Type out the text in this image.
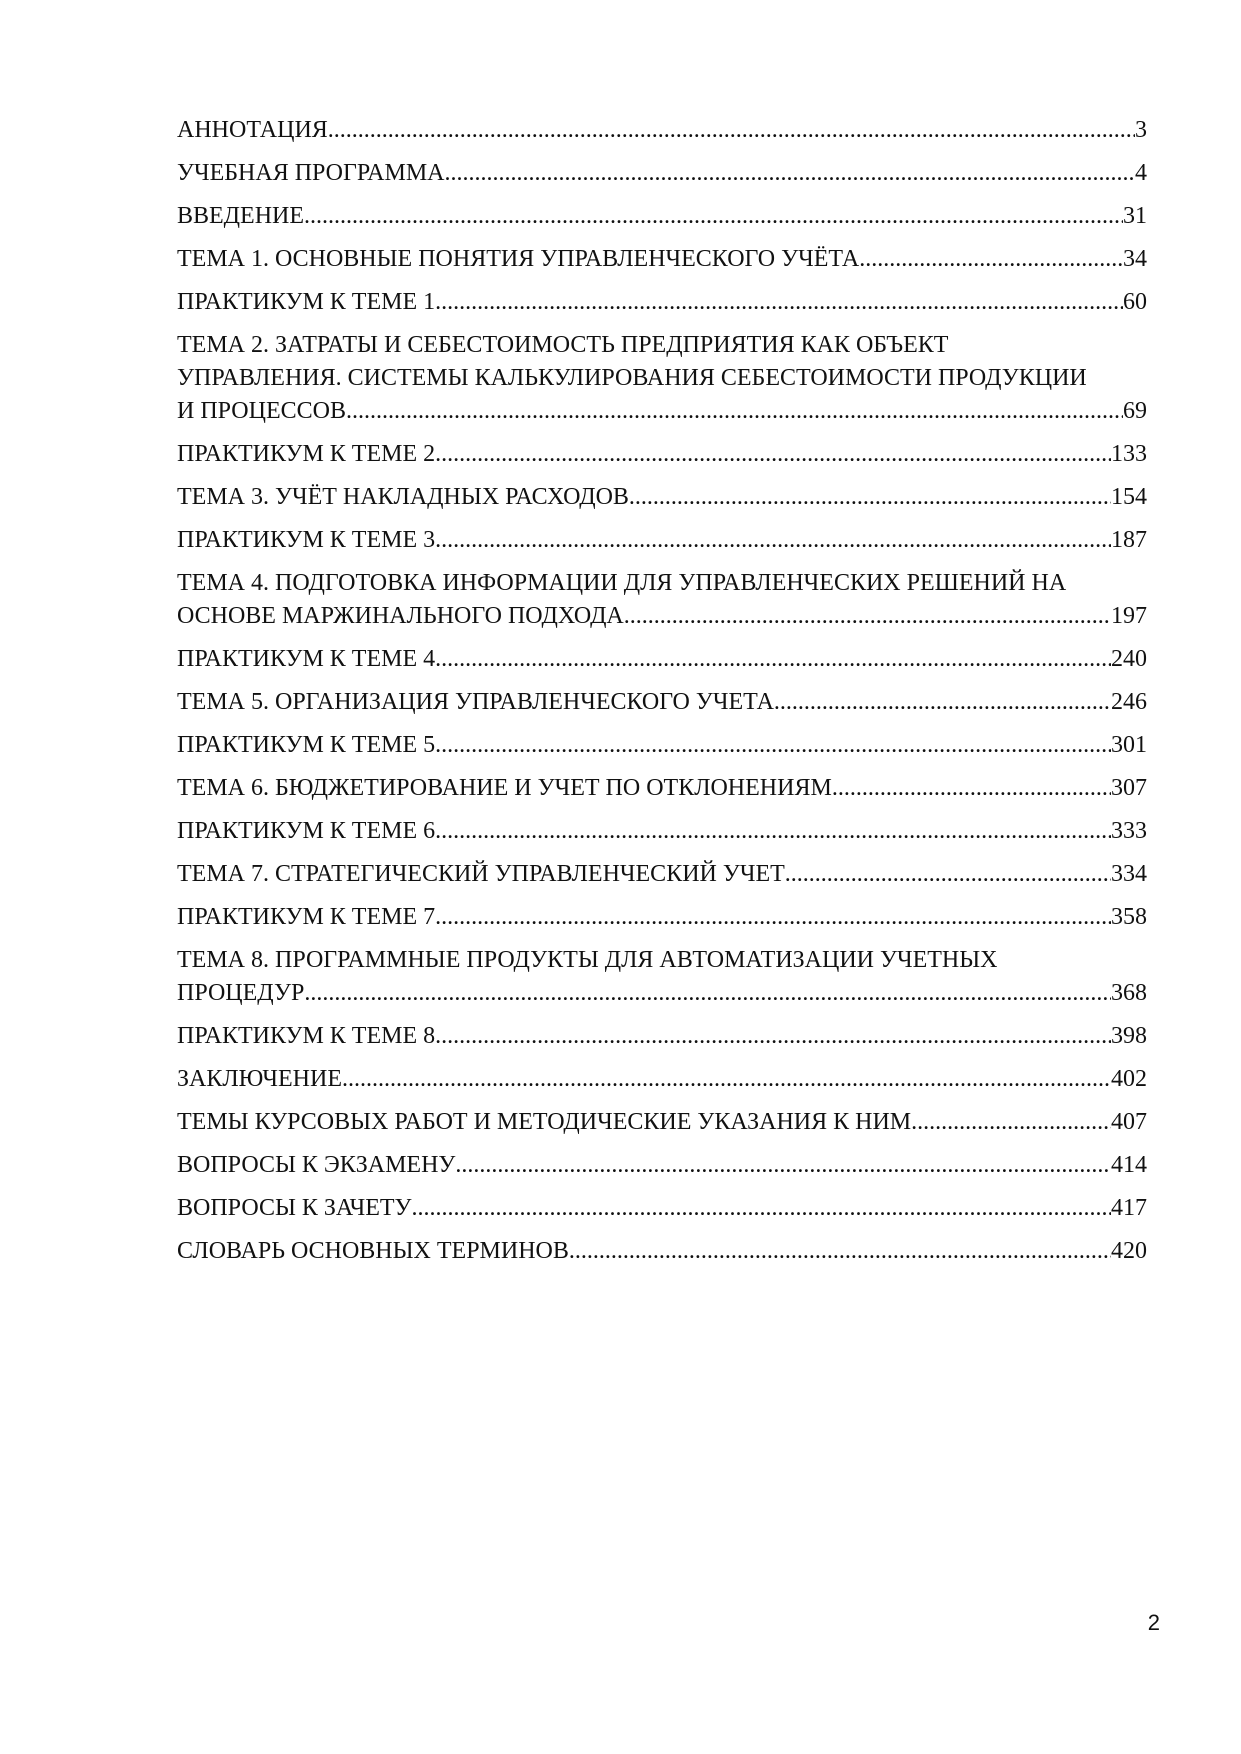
АННОТАЦИЯ .....	3
УЧЕБНАЯ ПРОГРАММА .....	4
ВВЕДЕНИЕ .....	31
ТЕМА 1. ОСНОВНЫЕ ПОНЯТИЯ УПРАВЛЕНЧЕСКОГО УЧЁТА .....	34
ПРАКТИКУМ К ТЕМЕ 1 .....	60
ТЕМА 2. ЗАТРАТЫ И СЕБЕСТОИМОСТЬ ПРЕДПРИЯТИЯ КАК ОБЪЕКТ
УПРАВЛЕНИЯ. СИСТЕМЫ КАЛЬКУЛИРОВАНИЯ СЕБЕСТОИМОСТИ ПРОДУКЦИИ
И ПРОЦЕССОВ .....	69
ПРАКТИКУМ К ТЕМЕ 2 .....	133
ТЕМА 3. УЧЁТ НАКЛАДНЫХ РАСХОДОВ .....	154
ПРАКТИКУМ К ТЕМЕ 3 .....	187
ТЕМА 4. ПОДГОТОВКА ИНФОРМАЦИИ ДЛЯ УПРАВЛЕНЧЕСКИХ РЕШЕНИЙ НА
ОСНОВЕ МАРЖИНАЛЬНОГО ПОДХОДА .....	197
ПРАКТИКУМ К ТЕМЕ 4 .....	240
ТЕМА 5. ОРГАНИЗАЦИЯ УПРАВЛЕНЧЕСКОГО УЧЕТА .....	246
ПРАКТИКУМ К ТЕМЕ 5 .....	301
ТЕМА 6. БЮДЖЕТИРОВАНИЕ И УЧЕТ ПО ОТКЛОНЕНИЯМ .....	307
ПРАКТИКУМ К ТЕМЕ 6 .....	333
ТЕМА 7. СТРАТЕГИЧЕСКИЙ УПРАВЛЕНЧЕСКИЙ УЧЕТ .....	334
ПРАКТИКУМ К ТЕМЕ 7 .....	358
ТЕМА 8. ПРОГРАММНЫЕ ПРОДУКТЫ ДЛЯ АВТОМАТИЗАЦИИ УЧЕТНЫХ
ПРОЦЕДУР .....	368
ПРАКТИКУМ К ТЕМЕ 8 .....	398
ЗАКЛЮЧЕНИЕ .....	402
ТЕМЫ КУРСОВЫХ РАБОТ И МЕТОДИЧЕСКИЕ УКАЗАНИЯ К НИМ .....	407
ВОПРОСЫ К ЭКЗАМЕНУ .....	414
ВОПРОСЫ К ЗАЧЕТУ .....	417
СЛОВАРЬ ОСНОВНЫХ ТЕРМИНОВ .....	420
2
